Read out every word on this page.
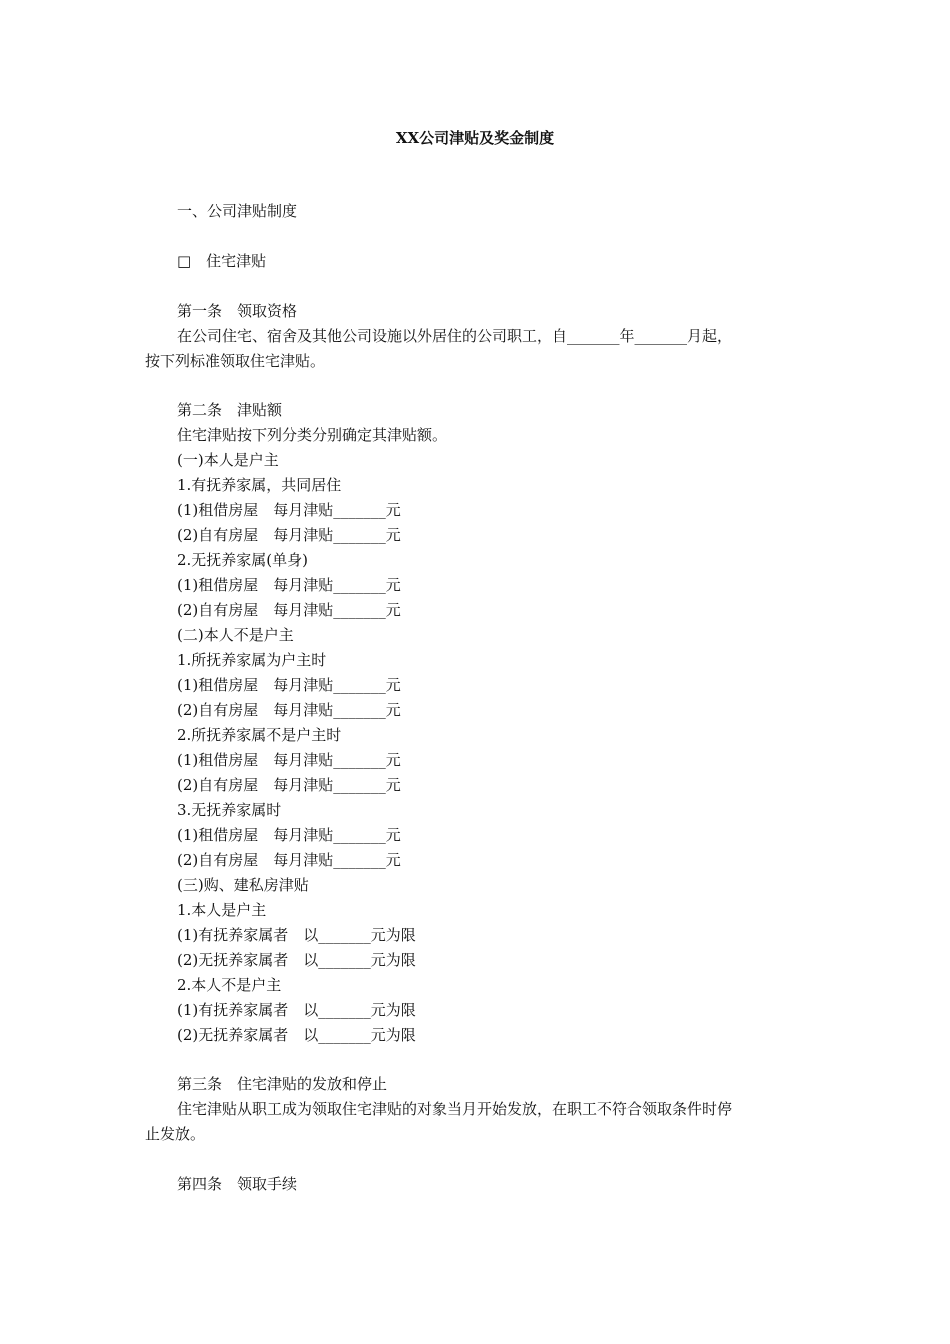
XX公司津贴及奖金制度
一、公司津贴制度
□　住宅津贴
第一条　领取资格
在公司住宅、宿舍及其他公司设施以外居住的公司职工，自_______年_______月起，
按下列标准领取住宅津贴。
第二条　津贴额
住宅津贴按下列分类分别确定其津贴额。
(一)本人是户主
1.有抚养家属，共同居住
(1)租借房屋　每月津贴_______元
(2)自有房屋　每月津贴_______元
2.无抚养家属(单身)
(1)租借房屋　每月津贴_______元
(2)自有房屋　每月津贴_______元
(二)本人不是户主
1.所抚养家属为户主时
(1)租借房屋　每月津贴_______元
(2)自有房屋　每月津贴_______元
2.所抚养家属不是户主时
(1)租借房屋　每月津贴_______元
(2)自有房屋　每月津贴_______元
3.无抚养家属时
(1)租借房屋　每月津贴_______元
(2)自有房屋　每月津贴_______元
(三)购、建私房津贴
1.本人是户主
(1)有抚养家属者　以_______元为限
(2)无抚养家属者　以_______元为限
2.本人不是户主
(1)有抚养家属者　以_______元为限
(2)无抚养家属者　以_______元为限
第三条　住宅津贴的发放和停止
住宅津贴从职工成为领取住宅津贴的对象当月开始发放，在职工不符合领取条件时停
止发放。
第四条　领取手续
